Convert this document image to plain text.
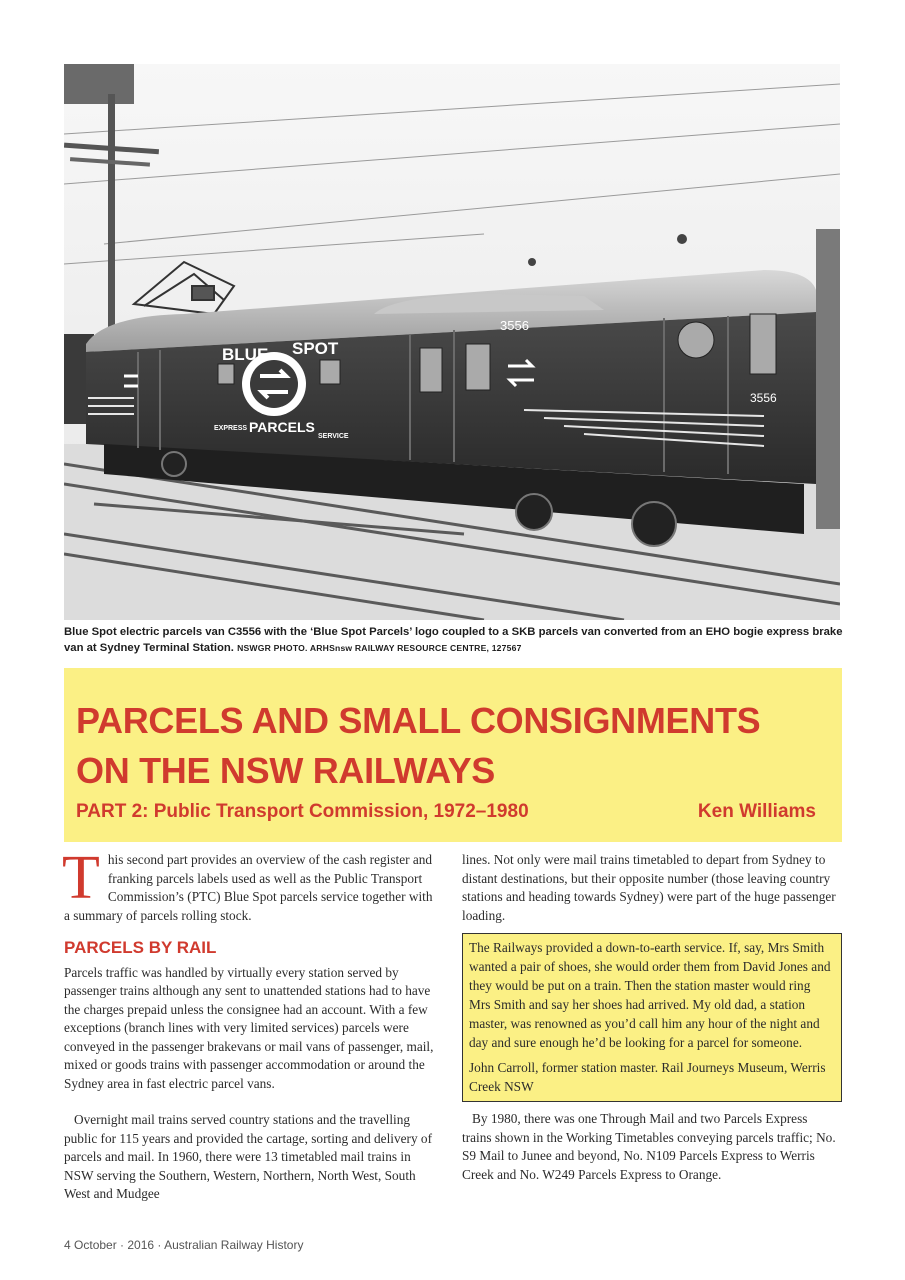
BLUE SPOT
PARCELS
EXPRESS
SERVICE
3556
3556
Blue Spot electric parcels van C3556 with the ‘Blue Spot Parcels’ logo coupled to a SKB parcels van converted from an EHO bogie express brake van at Sydney Terminal Station. NSWGR PHOTO. ARHSnsw RAILWAY RESOURCE CENTRE, 127567
PARCELS AND SMALL CONSIGNMENTS
ON THE NSW RAILWAYS
PART 2: Public Transport Commission, 1972–1980	Ken Williams

This second part provides an overview of the cash register and franking parcels labels used as well as the Public Transport Commission’s (PTC) Blue Spot parcels service together with a summary of parcels rolling stock.

PARCELS BY RAIL

Parcels traffic was handled by virtually every station served by passenger trains although any sent to unattended stations had to have the charges prepaid unless the consignee had an account. With a few exceptions (branch lines with very limited services) parcels were conveyed in the passenger brakevans or mail vans of passenger, mail, mixed or goods trains with passenger accommodation or around the Sydney area in fast electric parcel vans.

Overnight mail trains served country stations and the travelling public for 115 years and provided the cartage, sorting and delivery of parcels and mail. In 1960, there were 13 timetabled mail trains in NSW serving the Southern, Western, Northern, North West, South West and Mudgee

lines. Not only were mail trains timetabled to depart from Sydney to distant destinations, but their opposite number (those leaving country stations and heading towards Sydney) were part of the huge passenger loading.

The Railways provided a down-to-earth service. If, say, Mrs Smith wanted a pair of shoes, she would order them from David Jones and they would be put on a train. Then the station master would ring Mrs Smith and say her shoes had arrived. My old dad, a station master, was renowned as you’d call him any hour of the night and day and sure enough he’d be looking for a parcel for someone.

John Carroll, former station master. Rail Journeys Museum, Werris Creek NSW

By 1980, there was one Through Mail and two Parcels Express trains shown in the Working Timetables conveying parcels traffic; No. S9 Mail to Junee and beyond, No. N109 Parcels Express to Werris Creek and No. W249 Parcels Express to Orange.

4 October · 2016 · Australian Railway History
